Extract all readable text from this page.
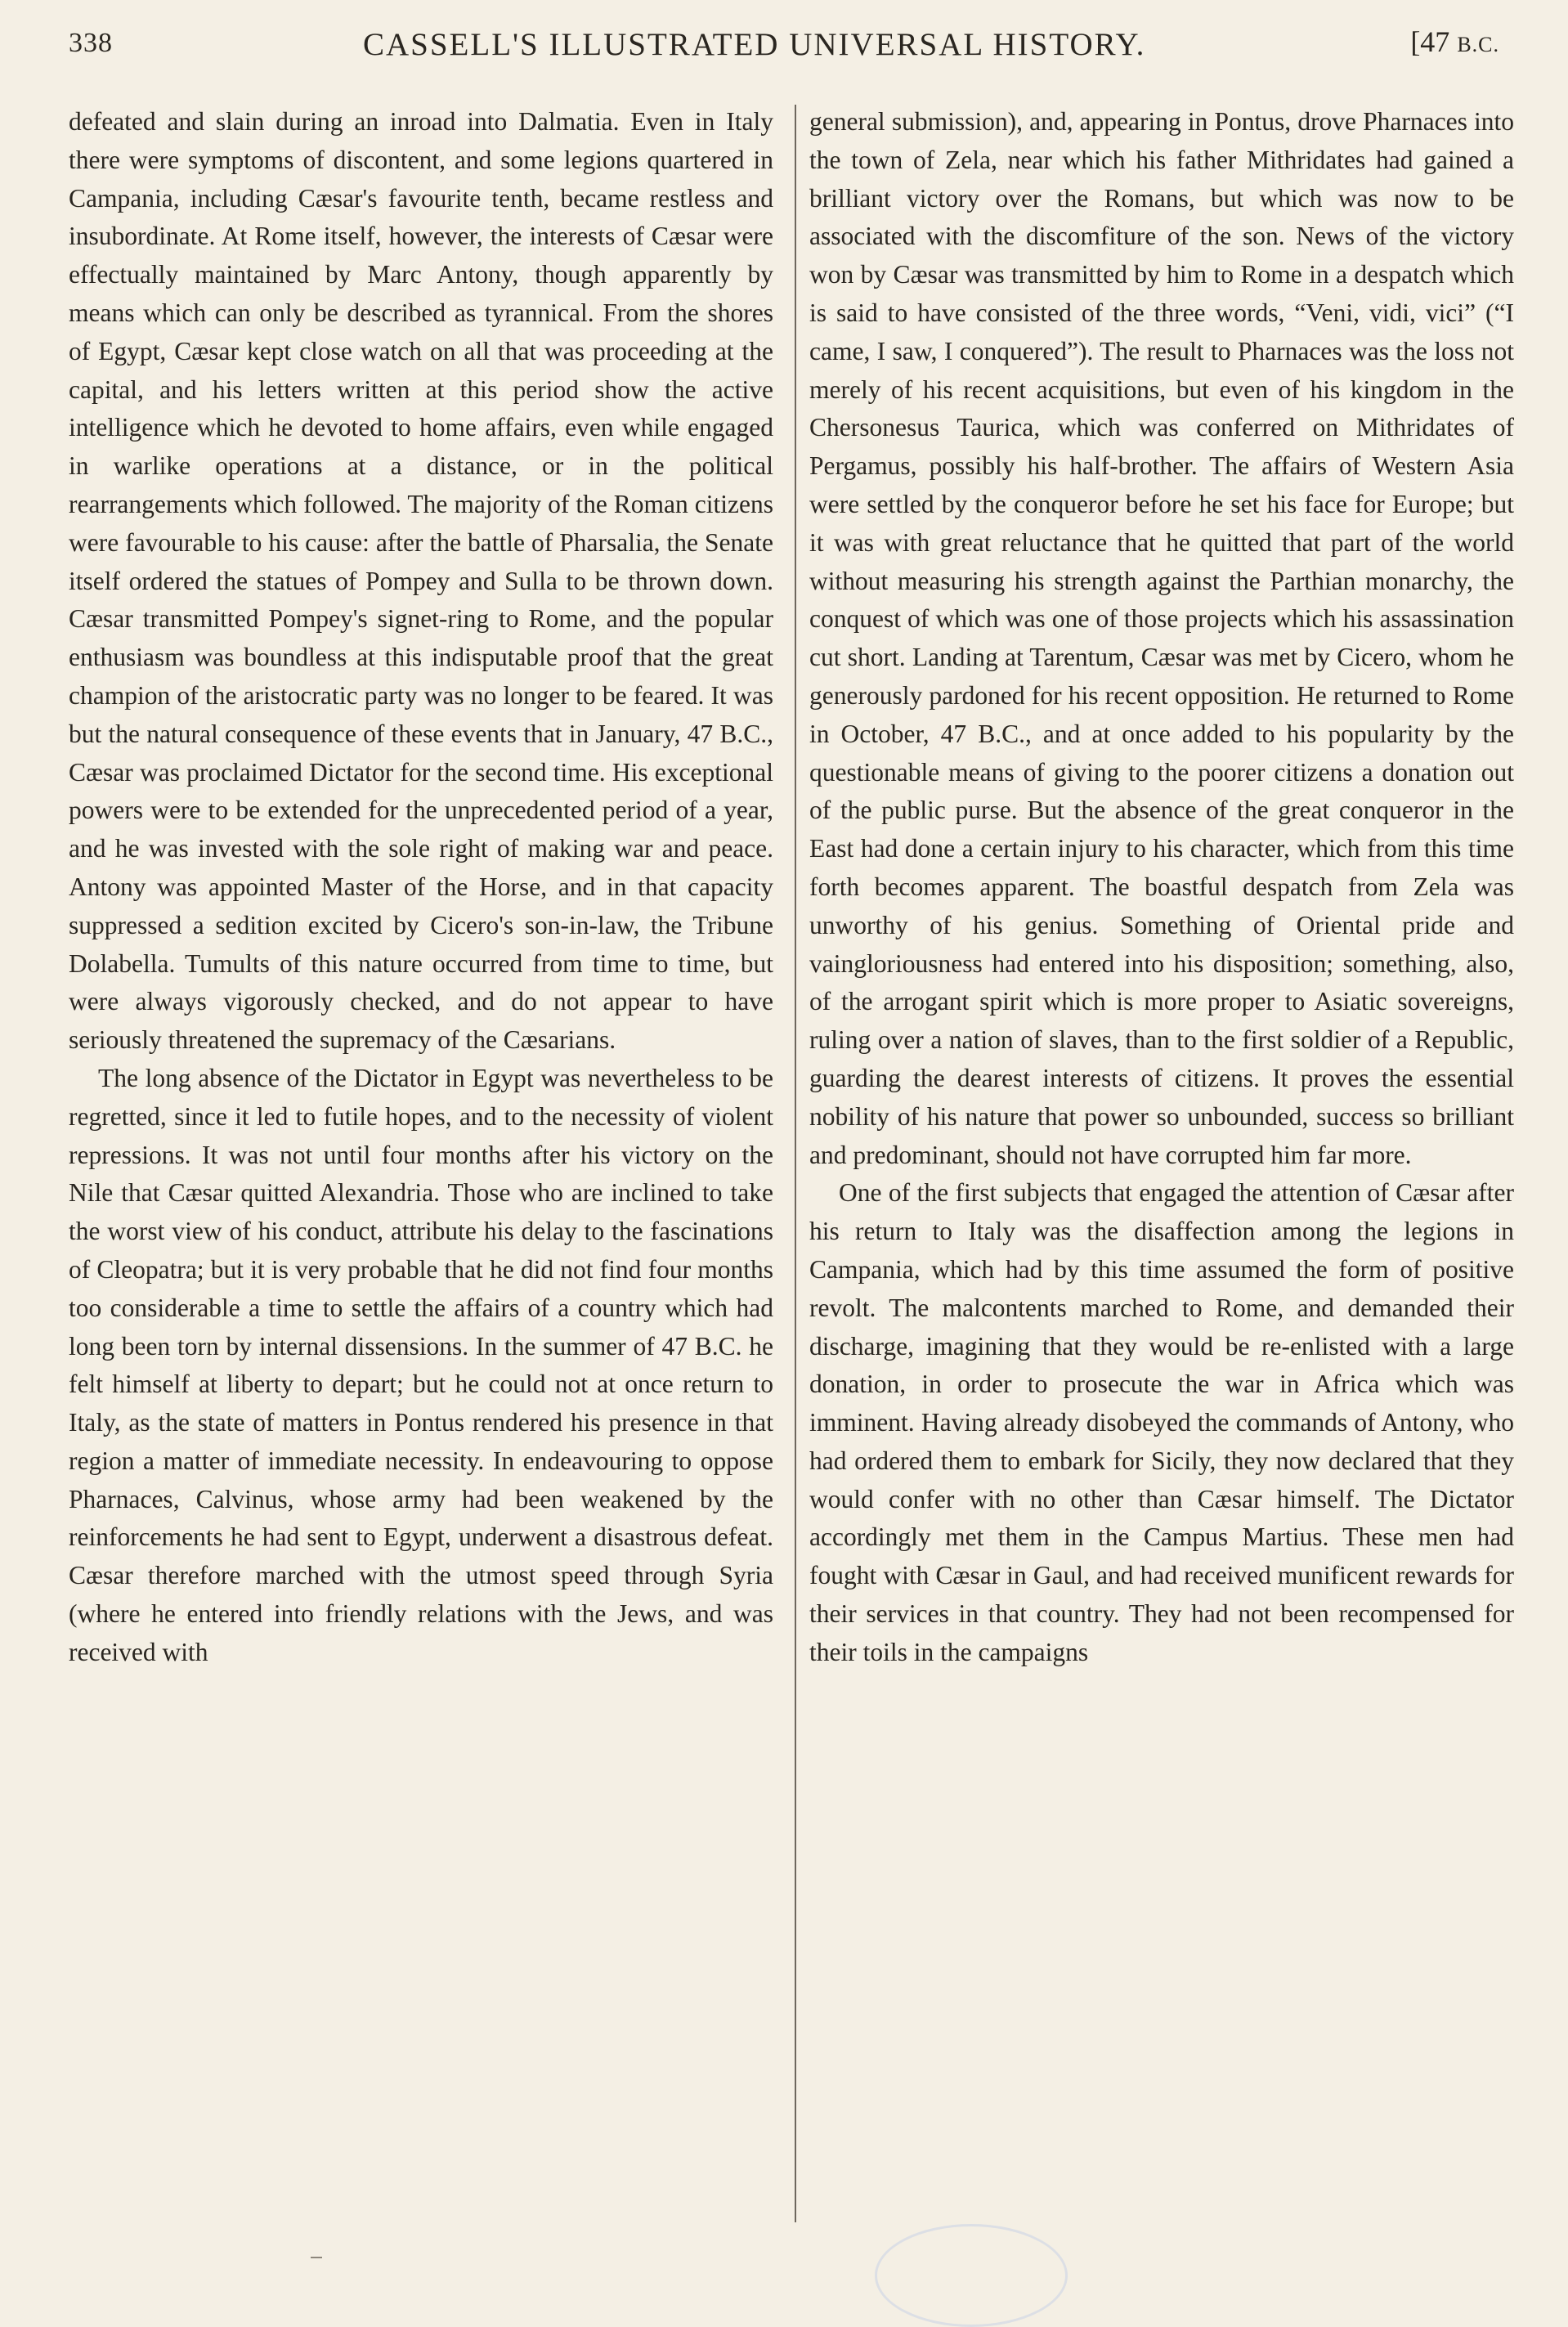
338	CASSELL'S ILLUSTRATED UNIVERSAL HISTORY.	[47 B.C.

defeated and slain during an inroad into Dalmatia. Even in Italy there were symptoms of discontent, and some legions quartered in Campania, including Cæsar's favourite tenth, became restless and insubordinate. At Rome itself, however, the interests of Cæsar were effectually maintained by Marc Antony, though apparently by means which can only be described as tyrannical. From the shores of Egypt, Cæsar kept close watch on all that was proceeding at the capital, and his letters written at this period show the active intelligence which he devoted to home affairs, even while engaged in warlike operations at a distance, or in the political rearrangements which followed. The majority of the Roman citizens were favourable to his cause: after the battle of Pharsalia, the Senate itself ordered the statues of Pompey and Sulla to be thrown down. Cæsar transmitted Pompey's signet-ring to Rome, and the popular enthusiasm was boundless at this indisputable proof that the great champion of the aristocratic party was no longer to be feared. It was but the natural consequence of these events that in January, 47 B.C., Cæsar was proclaimed Dictator for the second time. His exceptional powers were to be extended for the unprecedented period of a year, and he was invested with the sole right of making war and peace. Antony was appointed Master of the Horse, and in that capacity suppressed a sedition excited by Cicero's son-in-law, the Tribune Dolabella. Tumults of this nature occurred from time to time, but were always vigorously checked, and do not appear to have seriously threatened the supremacy of the Cæsarians.

The long absence of the Dictator in Egypt was nevertheless to be regretted, since it led to futile hopes, and to the necessity of violent repressions. It was not until four months after his victory on the Nile that Cæsar quitted Alexandria. Those who are inclined to take the worst view of his conduct, attribute his delay to the fascinations of Cleopatra; but it is very probable that he did not find four months too considerable a time to settle the affairs of a country which had long been torn by internal dissensions. In the summer of 47 B.C. he felt himself at liberty to depart; but he could not at once return to Italy, as the state of matters in Pontus rendered his presence in that region a matter of immediate necessity. In endeavouring to oppose Pharnaces, Calvinus, whose army had been weakened by the reinforcements he had sent to Egypt, underwent a disastrous defeat. Cæsar therefore marched with the utmost speed through Syria (where he entered into friendly relations with the Jews, and was received with

general submission), and, appearing in Pontus, drove Pharnaces into the town of Zela, near which his father Mithridates had gained a brilliant victory over the Romans, but which was now to be associated with the discomfiture of the son. News of the victory won by Cæsar was transmitted by him to Rome in a despatch which is said to have consisted of the three words, “Veni, vidi, vici” (“I came, I saw, I conquered”). The result to Pharnaces was the loss not merely of his recent acquisitions, but even of his kingdom in the Chersonesus Taurica, which was conferred on Mithridates of Pergamus, possibly his half-brother. The affairs of Western Asia were settled by the conqueror before he set his face for Europe; but it was with great reluctance that he quitted that part of the world without measuring his strength against the Parthian monarchy, the conquest of which was one of those projects which his assassination cut short. Landing at Tarentum, Cæsar was met by Cicero, whom he generously pardoned for his recent opposition. He returned to Rome in October, 47 B.C., and at once added to his popularity by the questionable means of giving to the poorer citizens a donation out of the public purse. But the absence of the great conqueror in the East had done a certain injury to his character, which from this time forth becomes apparent. The boastful despatch from Zela was unworthy of his genius. Something of Oriental pride and vaingloriousness had entered into his disposition; something, also, of the arrogant spirit which is more proper to Asiatic sovereigns, ruling over a nation of slaves, than to the first soldier of a Republic, guarding the dearest interests of citizens. It proves the essential nobility of his nature that power so unbounded, success so brilliant and predominant, should not have corrupted him far more.

One of the first subjects that engaged the attention of Cæsar after his return to Italy was the disaffection among the legions in Campania, which had by this time assumed the form of positive revolt. The malcontents marched to Rome, and demanded their discharge, imagining that they would be re-enlisted with a large donation, in order to prosecute the war in Africa which was imminent. Having already disobeyed the commands of Antony, who had ordered them to embark for Sicily, they now declared that they would confer with no other than Cæsar himself. The Dictator accordingly met them in the Campus Martius. These men had fought with Cæsar in Gaul, and had received munificent rewards for their services in that country. They had not been recompensed for their toils in the campaigns
